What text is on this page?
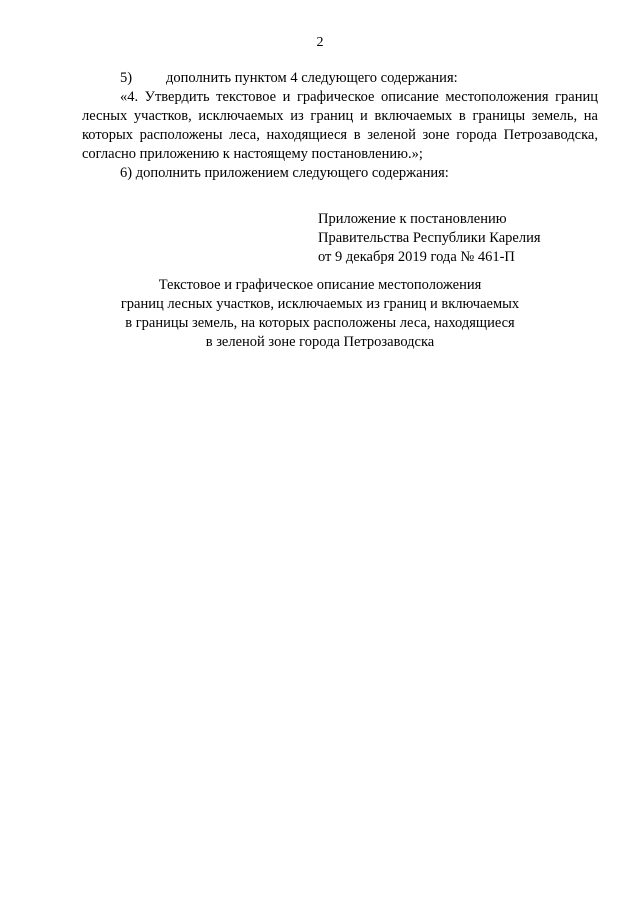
2
5) дополнить пунктом 4 следующего содержания:

«4. Утвердить текстовое и графическое описание местоположения границ лесных участков, исключаемых из границ и включаемых в границы земель, на которых расположены леса, находящиеся в зеленой зоне города Петрозаводска, согласно приложению к настоящему постановлению.»;

6) дополнить приложением следующего содержания:
Приложение к постановлению
Правительства Республики Карелия
от 9 декабря 2019 года № 461-П
Текстовое и графическое описание местоположения
границ лесных участков, исключаемых из границ и включаемых
в границы земель, на которых расположены леса, находящиеся
в зеленой зоне города Петрозаводска
